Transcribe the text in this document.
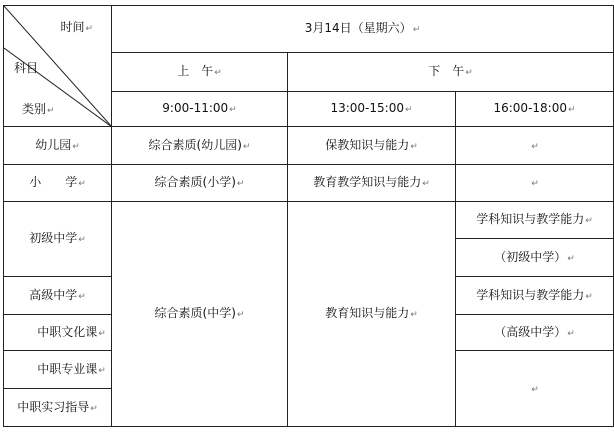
时间↵
科目
类别↵	3月14日（星期六）↵		
	上　午↵	下　午↵	
	9:00-11:00↵	13:00-15:00↵	16:00-18:00↵
幼儿园↵	综合素质(幼儿园)↵	保教知识与能力↵	↵
小　　学↵	综合素质(小学)↵	教育教学知识与能力↵	↵
初级中学↵	综合素质(中学)↵	教育知识与能力↵	学科知识与教学能力↵
			（初级中学）↵
高级中学↵			学科知识与教学能力↵
中职文化课↵			（高级中学）↵
中职专业课↵			↵
中职实习指导↵			
